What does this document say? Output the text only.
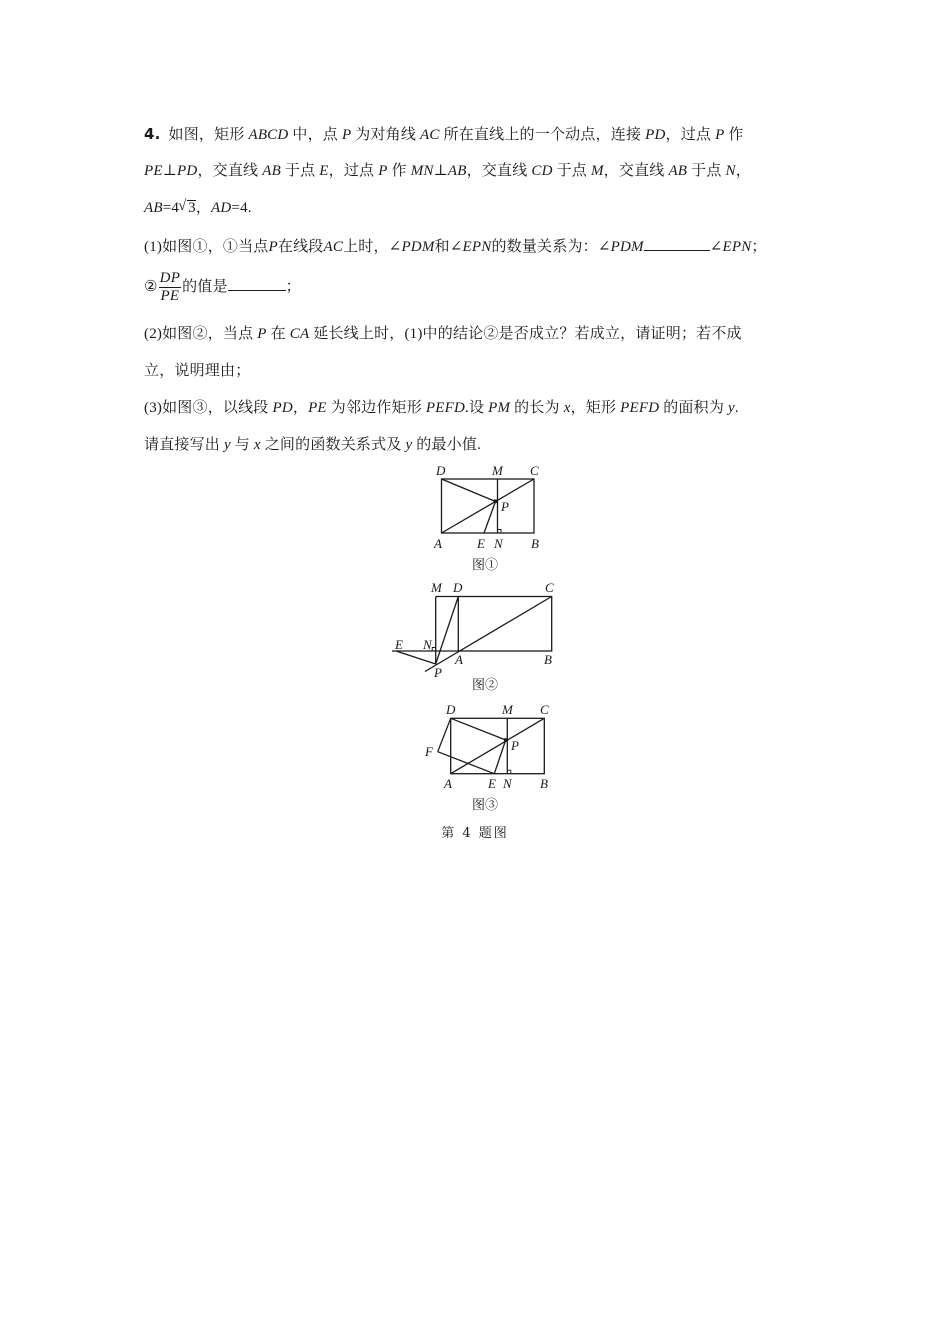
4. 如图，矩形 ABCD 中，点 P 为对角线 AC 所在直线上的一个动点，连接 PD，过点 P 作
PE⊥PD，交直线 AB 于点 E，过点 P 作 MN⊥AB，交直线 CD 于点 M，交直线 AB 于点 N，
AB=4 √ 3，AD=4.
(1)如图①，①当点P在线段AC上时，∠PDM和∠EPN的数量关系为：∠PDM	∠EPN；
② $\frac{DP}{PE}$ 的值是	；
(2)如图②，当点 P 在 CA 延长线上时，(1)中的结论②是否成立？若成立，请证明；若不成
立，说明理由；
(3)如图③，以线段 PD，PE 为邻边作矩形 PEFD.设 PM 的长为 x，矩形 PEFD 的面积为 y.
请直接写出 y 与 x 之间的函数关系式及 y 的最小值.
D	M C
P
A	E N B
图①
M D	C
E N
A	B
P
图②
D	M C
F	P
A	E N B
图③
第 4 题图
